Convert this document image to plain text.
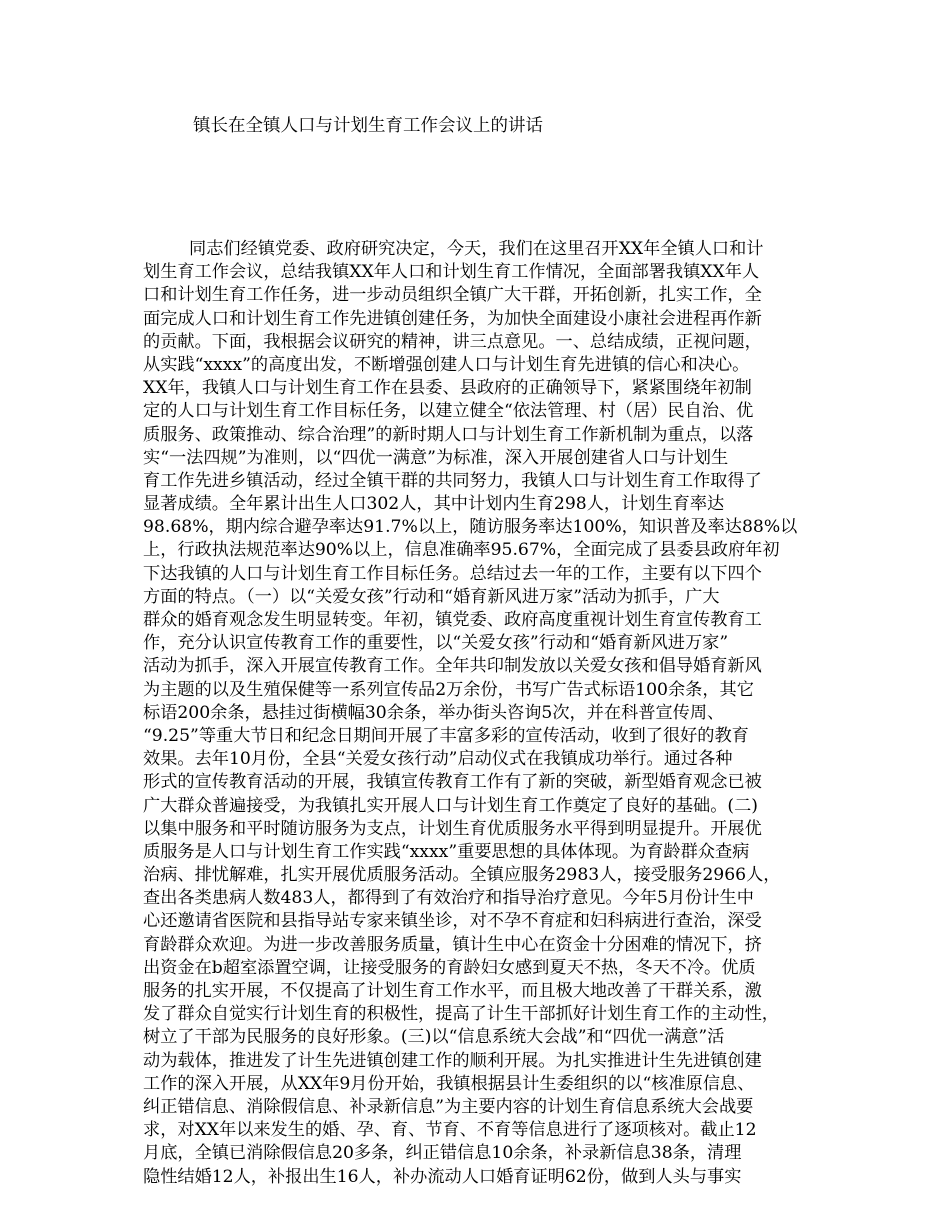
镇长在全镇人口与计划生育工作会议上的讲话
同志们经镇党委、政府研究决定，今天，我们在这里召开XX年全镇人口和计
划生育工作会议，总结我镇XX年人口和计划生育工作情况，全面部署我镇XX年人
口和计划生育工作任务，进一步动员组织全镇广大干群，开拓创新，扎实工作，全
面完成人口和计划生育工作先进镇创建任务，为加快全面建设小康社会进程再作新
的贡献。下面，我根据会议研究的精神，讲三点意见。一、总结成绩，正视问题，
从实践“xxxx”的高度出发，不断增强创建人口与计划生育先进镇的信心和决心。
XX年，我镇人口与计划生育工作在县委、县政府的正确领导下，紧紧围绕年初制
定的人口与计划生育工作目标任务，以建立健全“依法管理、村（居）民自治、优
质服务、政策推动、综合治理”的新时期人口与计划生育工作新机制为重点，以落
实“一法四规”为准则，以“四优一满意”为标准，深入开展创建省人口与计划生
育工作先进乡镇活动，经过全镇干群的共同努力，我镇人口与计划生育工作取得了
显著成绩。全年累计出生人口302人，其中计划内生育298人，计划生育率达
98.68%，期内综合避孕率达91.7%以上，随访服务率达100%，知识普及率达88%以
上，行政执法规范率达90%以上，信息准确率95.67%，全面完成了县委县政府年初
下达我镇的人口与计划生育工作目标任务。总结过去一年的工作，主要有以下四个
方面的特点。（一）以“关爱女孩”行动和“婚育新风进万家”活动为抓手，广大
群众的婚育观念发生明显转变。年初，镇党委、政府高度重视计划生育宣传教育工
作，充分认识宣传教育工作的重要性，以“关爱女孩”行动和“婚育新风进万家”
活动为抓手，深入开展宣传教育工作。全年共印制发放以关爱女孩和倡导婚育新风
为主题的以及生殖保健等一系列宣传品2万余份，书写广告式标语100余条，其它
标语200余条，悬挂过街横幅30余条，举办街头咨询5次，并在科普宣传周、
“9.25”等重大节日和纪念日期间开展了丰富多彩的宣传活动，收到了很好的教育
效果。去年10月份，全县“关爱女孩行动”启动仪式在我镇成功举行。通过各种
形式的宣传教育活动的开展，我镇宣传教育工作有了新的突破，新型婚育观念已被
广大群众普遍接受，为我镇扎实开展人口与计划生育工作奠定了良好的基础。(二)
以集中服务和平时随访服务为支点，计划生育优质服务水平得到明显提升。开展优
质服务是人口与计划生育工作实践“xxxx”重要思想的具体体现。为育龄群众查病
治病、排忧解难，扎实开展优质服务活动。全镇应服务2983人，接受服务2966人，
查出各类患病人数483人，都得到了有效治疗和指导治疗意见。今年5月份计生中
心还邀请省医院和县指导站专家来镇坐诊，对不孕不育症和妇科病进行查治，深受
育龄群众欢迎。为进一步改善服务质量，镇计生中心在资金十分困难的情况下，挤
出资金在b超室添置空调，让接受服务的育龄妇女感到夏天不热，冬天不冷。优质
服务的扎实开展，不仅提高了计划生育工作水平，而且极大地改善了干群关系，激
发了群众自觉实行计划生育的积极性，提高了计生干部抓好计划生育工作的主动性，
树立了干部为民服务的良好形象。(三)以“信息系统大会战”和“四优一满意”活
动为载体，推进发了计生先进镇创建工作的顺利开展。为扎实推进计生先进镇创建
工作的深入开展，从XX年9月份开始，我镇根据县计生委组织的以“核准原信息、
纠正错信息、消除假信息、补录新信息”为主要内容的计划生育信息系统大会战要
求，对XX年以来发生的婚、孕、育、节育、不育等信息进行了逐项核对。截止12
月底，全镇已消除假信息20多条，纠正错信息10余条，补录新信息38条，清理
隐性结婚12人，补报出生16人，补办流动人口婚育证明62份，做到人头与事实
